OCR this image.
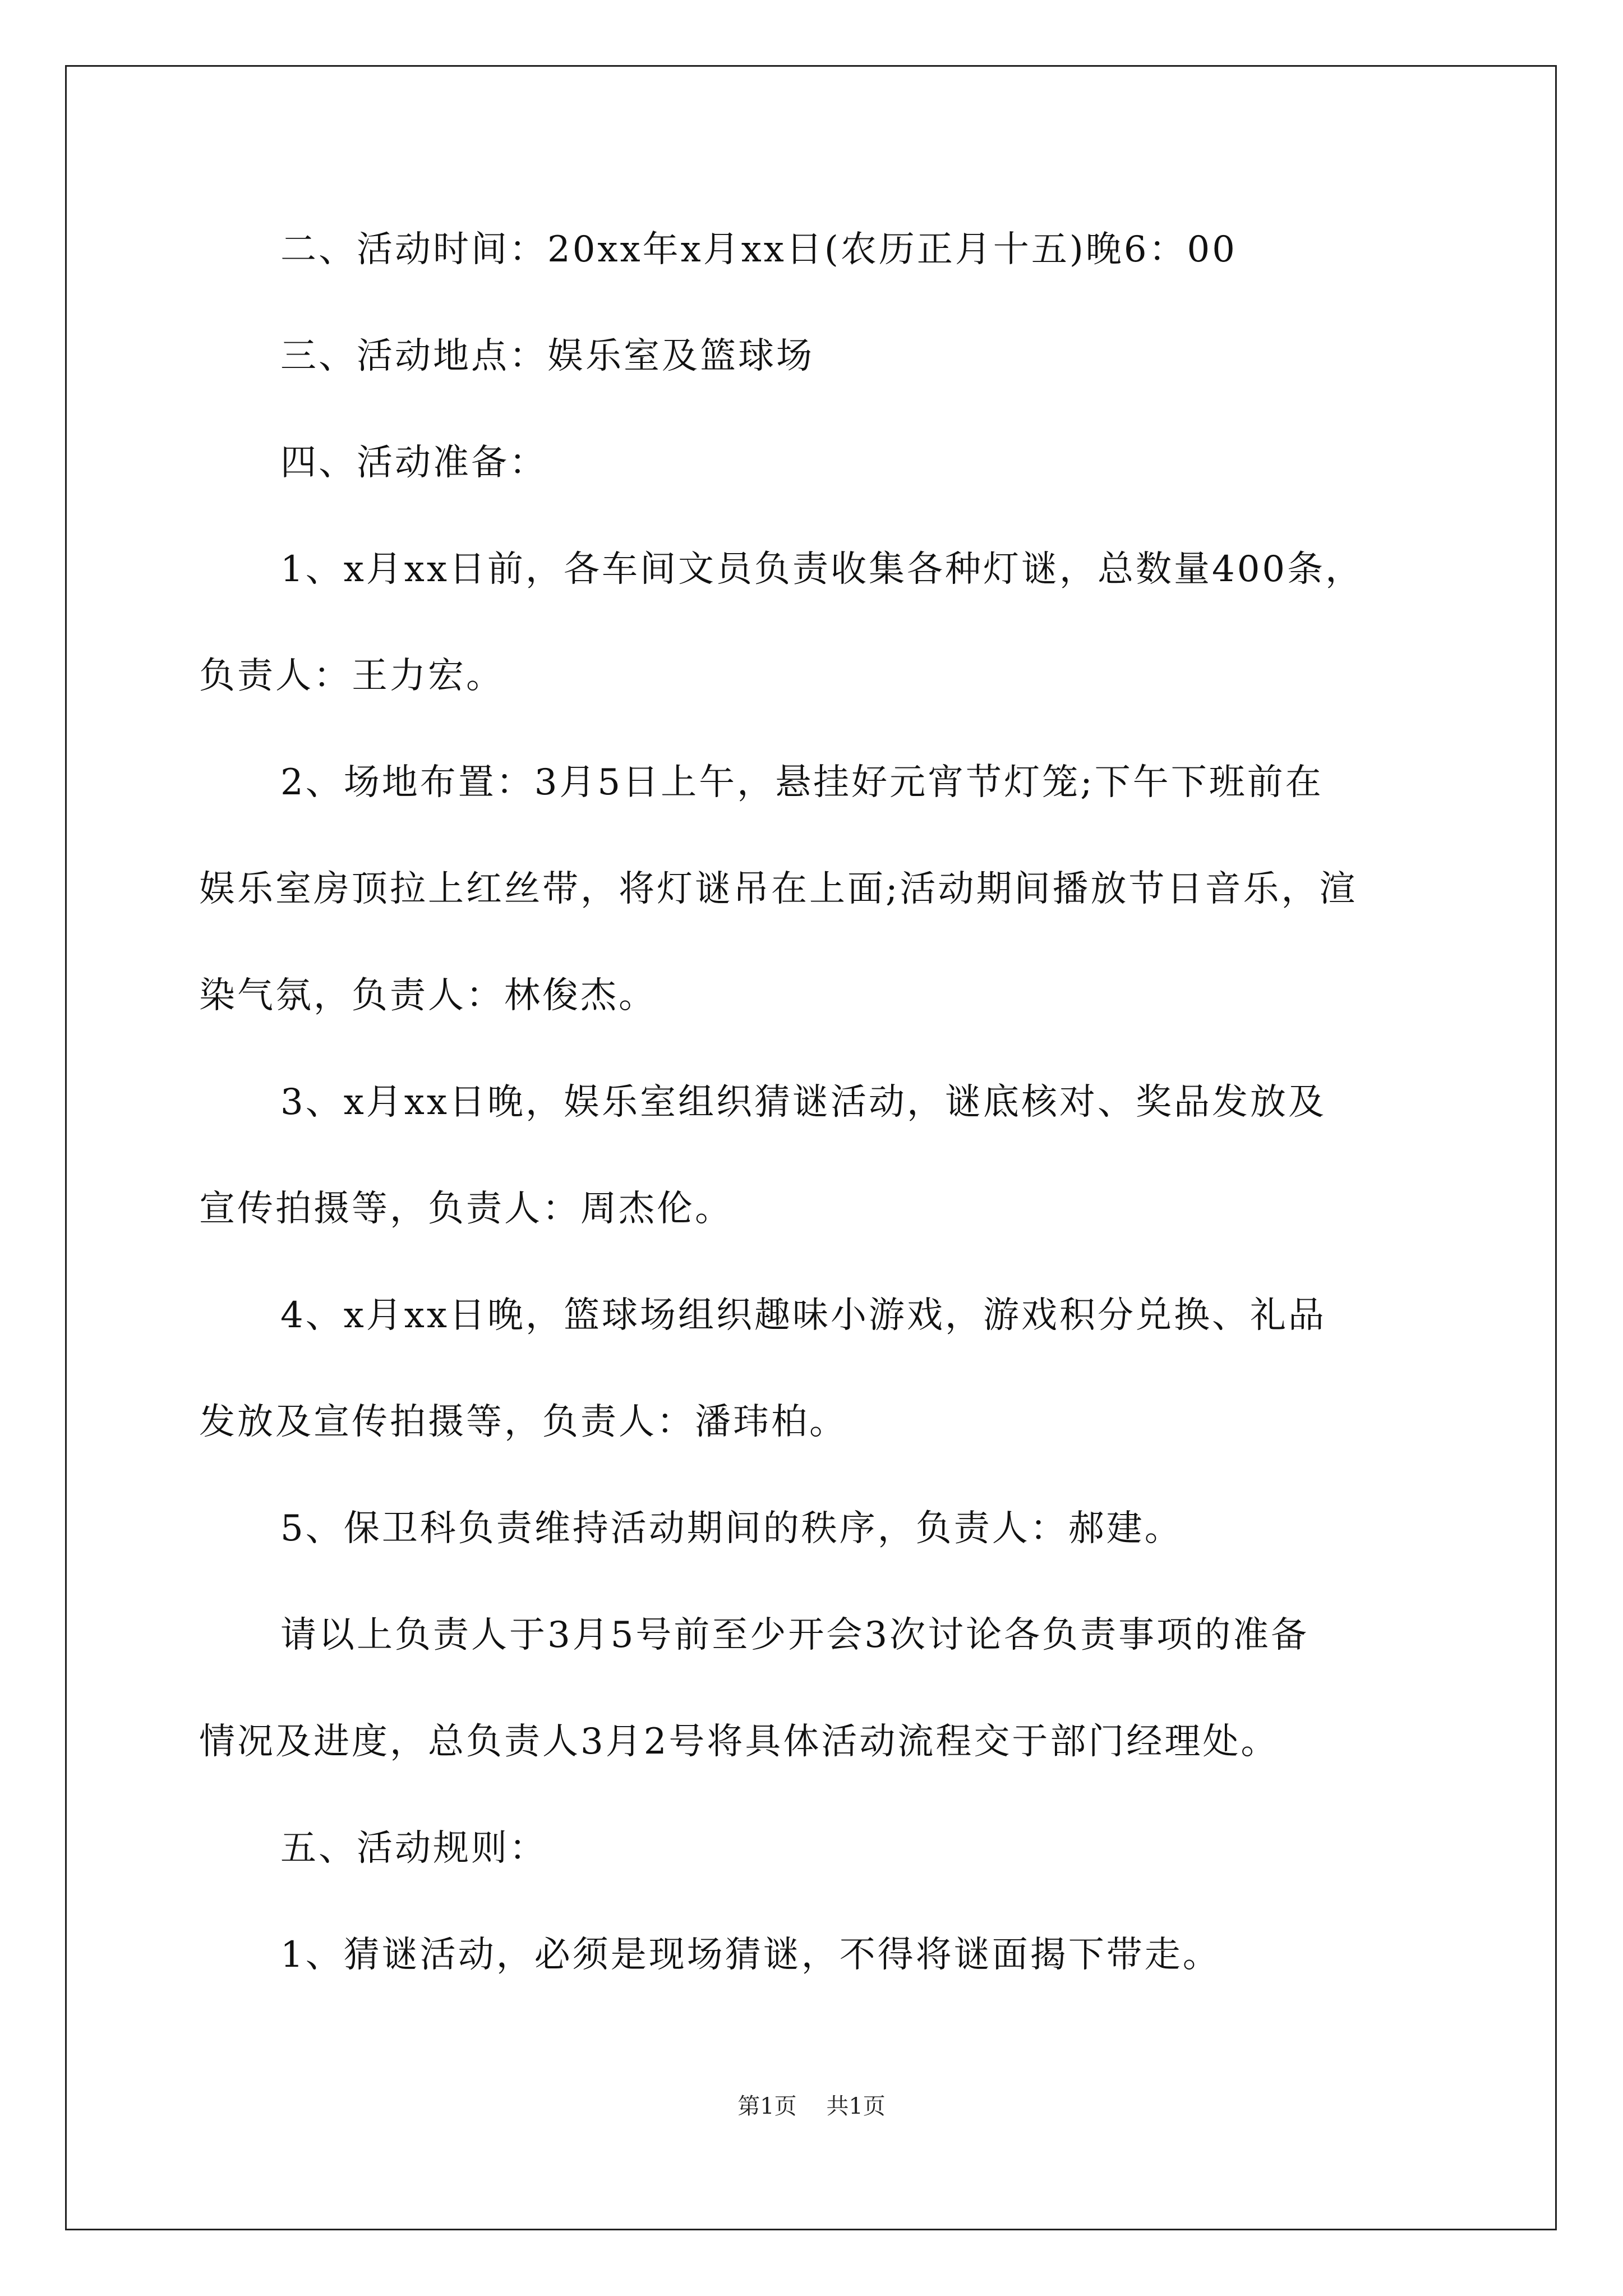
二、活动时间：20xx年x月xx日(农历正月十五)晚6：00
三、活动地点：娱乐室及篮球场
四、活动准备：
1、x月xx日前，各车间文员负责收集各种灯谜，总数量400条，
负责人：王力宏。
2、场地布置：3月5日上午，悬挂好元宵节灯笼;下午下班前在
娱乐室房顶拉上红丝带，将灯谜吊在上面;活动期间播放节日音乐，渲
染气氛，负责人：林俊杰。
3、x月xx日晚，娱乐室组织猜谜活动，谜底核对、奖品发放及
宣传拍摄等，负责人：周杰伦。
4、x月xx日晚，篮球场组织趣味小游戏，游戏积分兑换、礼品
发放及宣传拍摄等，负责人：潘玮柏。
5、保卫科负责维持活动期间的秩序，负责人：郝建。
请以上负责人于3月5号前至少开会3次讨论各负责事项的准备
情况及进度，总负责人3月2号将具体活动流程交于部门经理处。
五、活动规则：
1、猜谜活动，必须是现场猜谜，不得将谜面揭下带走。
第1页 共1页
